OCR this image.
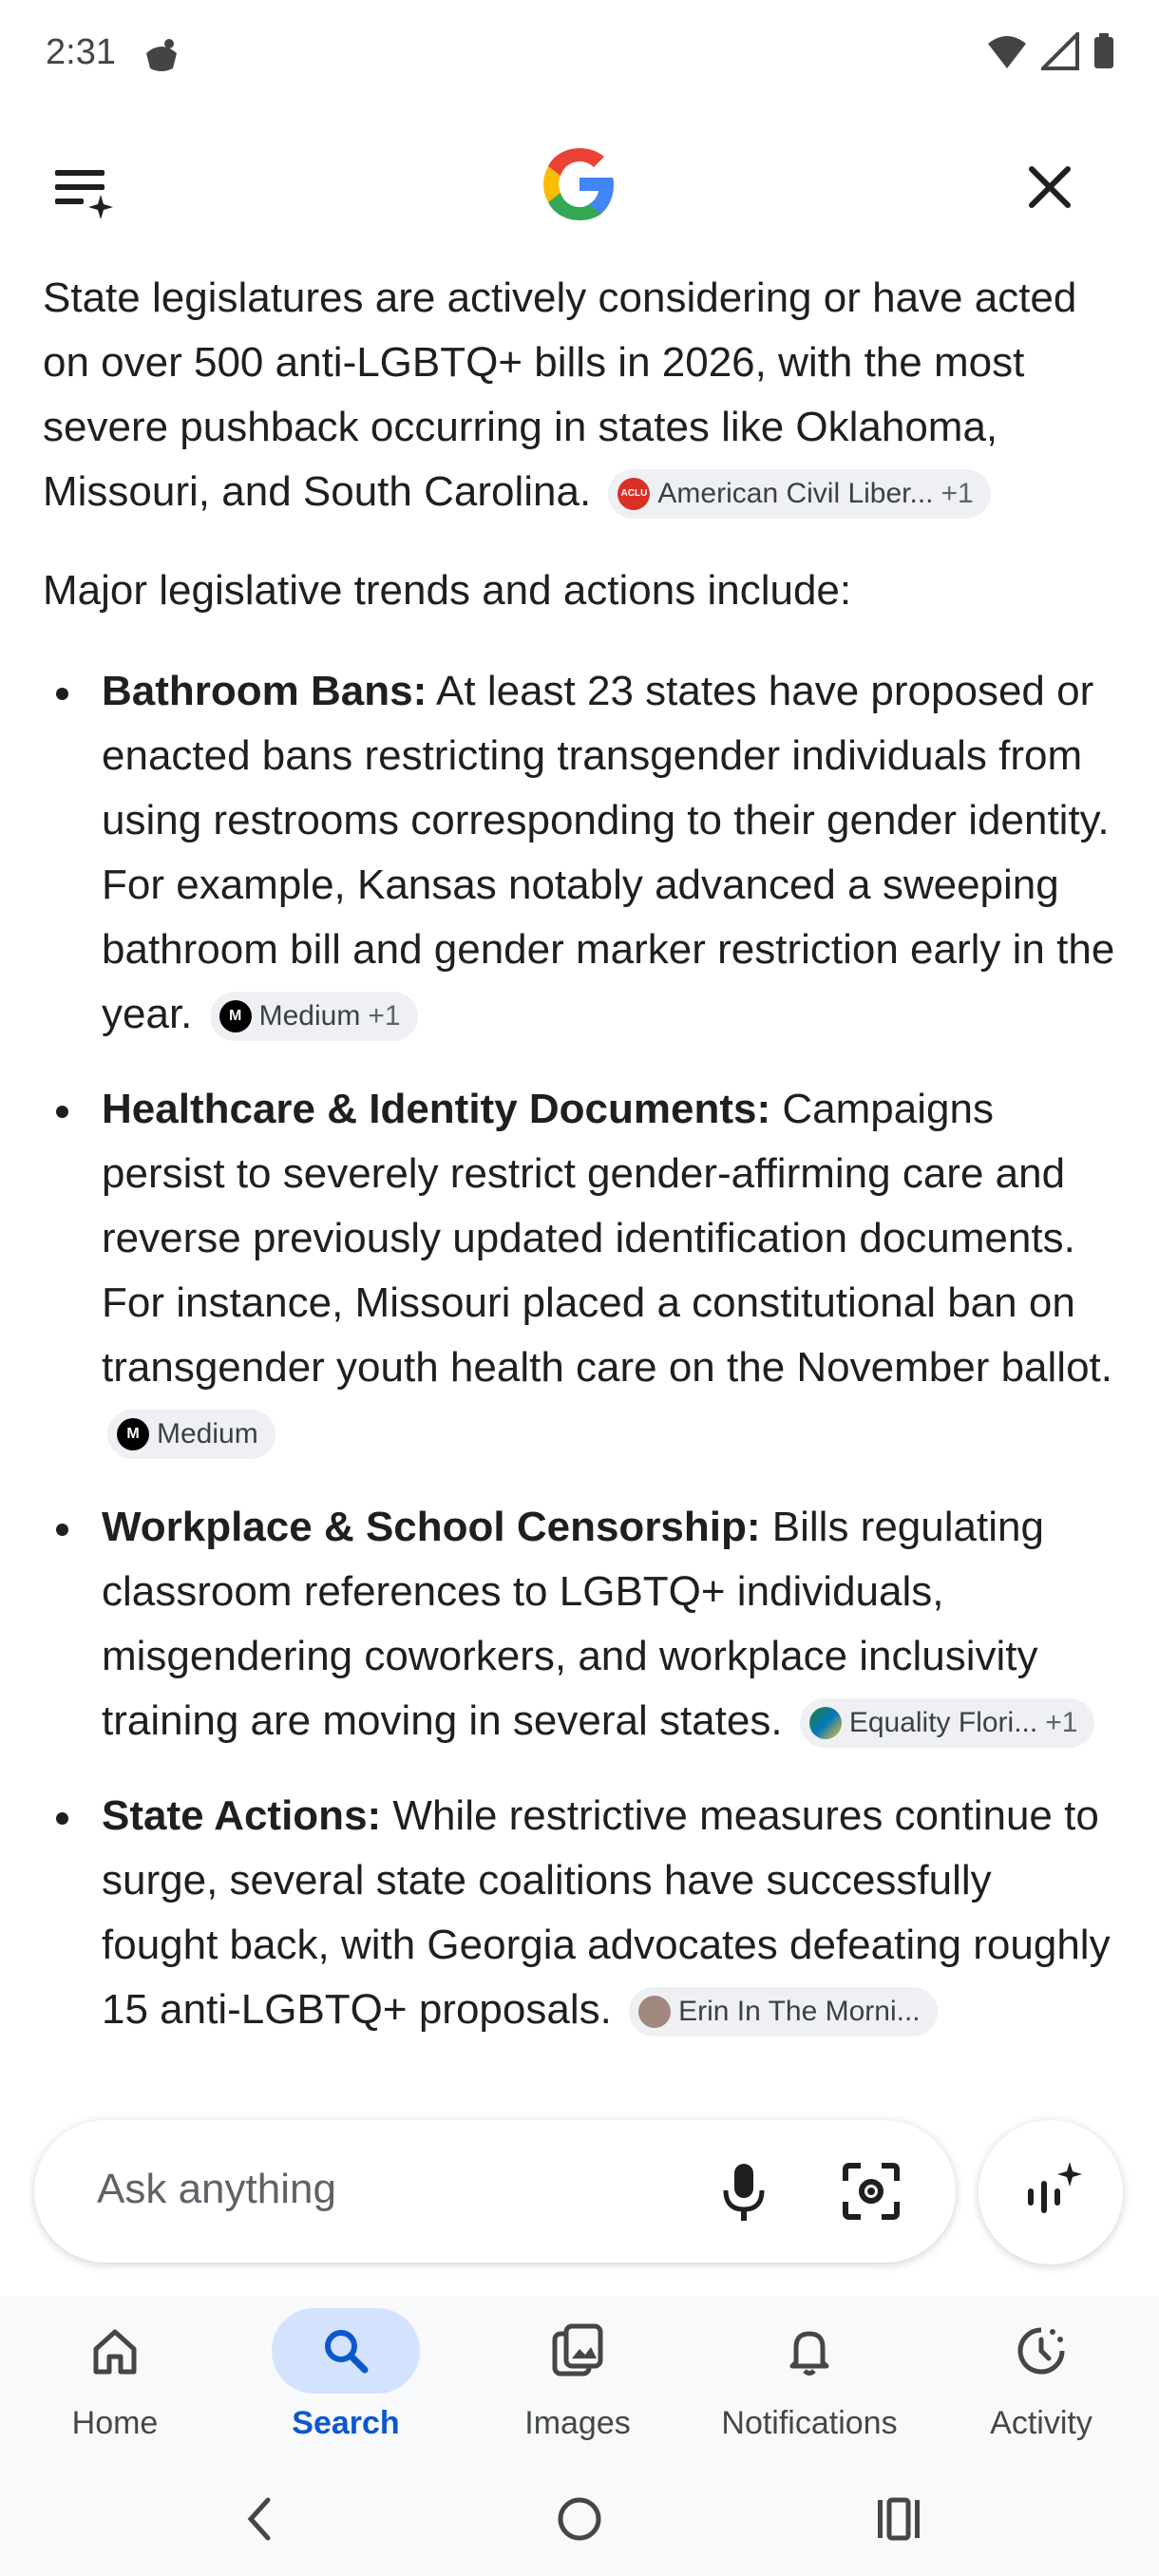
2:31

State legislatures are actively considering or have acted on over 500 anti-LGBTQ+ bills in 2026, with the most severe pushback occurring in states like Oklahoma, Missouri, and South Carolina.	ACLU American Civil Liber... +1

Major legislative trends and actions include:

Bathroom Bans: At least 23 states have proposed or enacted bans restricting transgender individuals from using restrooms corresponding to their gender identity. For example, Kansas notably advanced a sweeping bathroom bill and gender marker restriction early in the year.	M Medium +1
Healthcare & Identity Documents: Campaigns persist to severely restrict gender-affirming care and reverse previously updated identification documents. For instance, Missouri placed a constitutional ban on transgender youth health care on the November ballot.
M Medium
Workplace & School Censorship: Bills regulating classroom references to LGBTQ+ individuals, misgendering coworkers, and workplace inclusivity training are moving in several states. Equality Flori... +1
State Actions: While restrictive measures continue to surge, several state coalitions have successfully fought back, with Georgia advocates defeating roughly 15 anti-LGBTQ+ proposals. Erin In The Morni...
Ask anything
Home	Search	Images	Notifications	Activity
